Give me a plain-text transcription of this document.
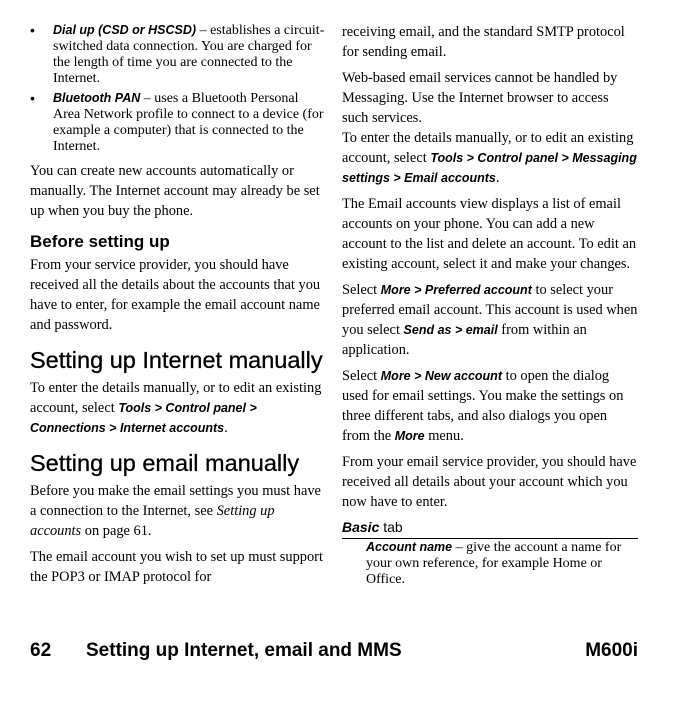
• Dial up (CSD or HSCSD) – establishes a circuit-switched data connection. You are charged for the length of time you are connected to the Internet.
• Bluetooth PAN – uses a Bluetooth Personal Area Network profile to connect to a device (for example a computer) that is connected to the Internet.

You can create new accounts automatically or manually. The Internet account may already be set up when you buy the phone.

Before setting up

From your service provider, you should have received all the details about the accounts that you have to enter, for example the email account name and password.

Setting up Internet manually

To enter the details manually, or to edit an existing account, select Tools > Control panel > Connections > Internet accounts.

Setting up email manually

Before you make the email settings you must have a connection to the Internet, see Setting up accounts on page 61.

The email account you wish to set up must support the POP3 or IMAP protocol for

receiving email, and the standard SMTP protocol for sending email.

Web-based email services cannot be handled by Messaging. Use the Internet browser to access such services.

To enter the details manually, or to edit an existing account, select Tools > Control panel > Messaging settings > Email accounts.

The Email accounts view displays a list of email accounts on your phone. You can add a new account to the list and delete an account. To edit an existing account, select it and make your changes.

Select More > Preferred account to select your preferred email account. This account is used when you select Send as > email from within an application.

Select More > New account to open the dialog used for email settings. You make the settings on three different tabs, and also dialogs you open from the More menu.

From your email service provider, you should have received all details about your account which you now have to enter.

Basic tab

Account name – give the account a name for your own reference, for example Home or Office.

62 Setting up Internet, email and MMS	M600i
